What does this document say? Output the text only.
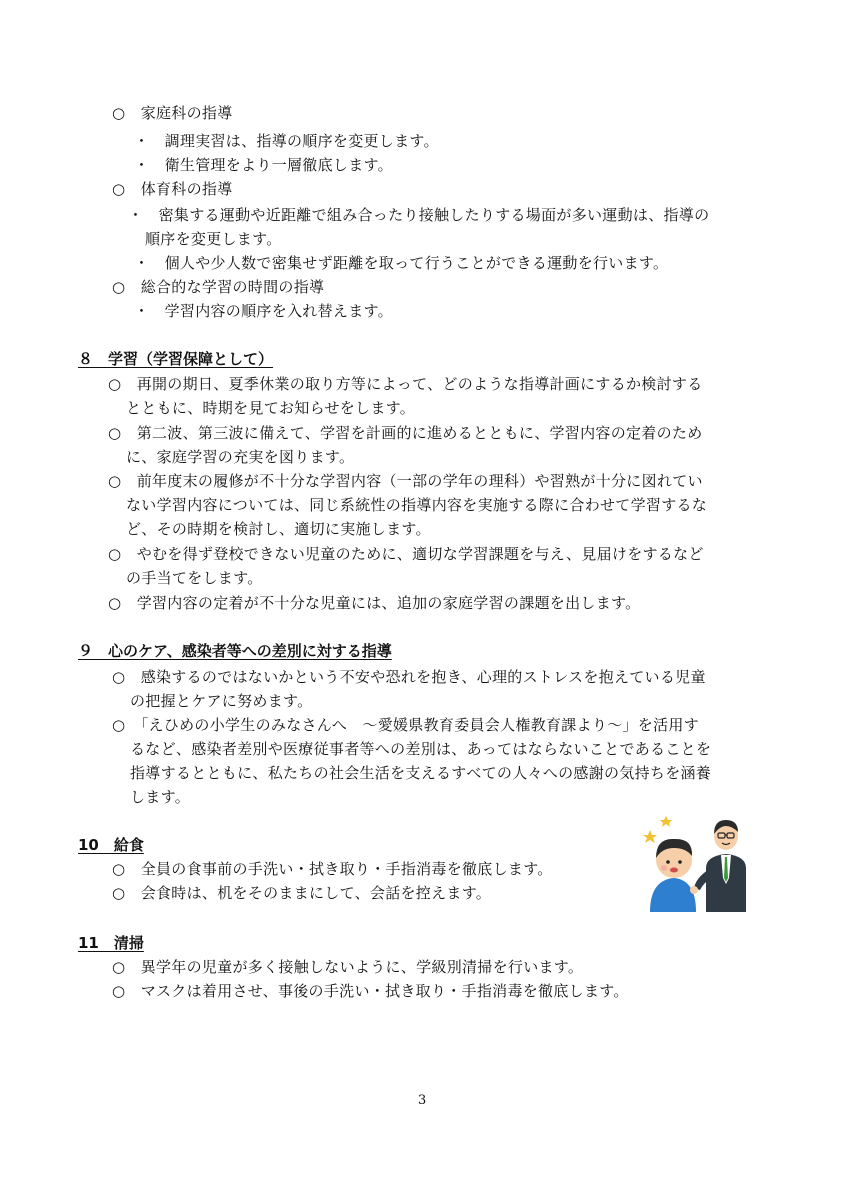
○　家庭科の指導
・　調理実習は、指導の順序を変更します。
・　衛生管理をより一層徹底します。
○　体育科の指導
・　密集する運動や近距離で組み合ったり接触したりする場面が多い運動は、指導の
順序を変更します。
・　個人や少人数で密集せず距離を取って行うことができる運動を行います。
○　総合的な学習の時間の指導
・　学習内容の順序を入れ替えます。
８　学習（学習保障として）
○　再開の期日、夏季休業の取り方等によって、どのような指導計画にするか検討する
とともに、時期を見てお知らせをします。
○　第二波、第三波に備えて、学習を計画的に進めるとともに、学習内容の定着のため
に、家庭学習の充実を図ります。
○　前年度末の履修が不十分な学習内容（一部の学年の理科）や習熟が十分に図れてい
ない学習内容については、同じ系統性の指導内容を実施する際に合わせて学習するな
ど、その時期を検討し、適切に実施します。
○　やむを得ず登校できない児童のために、適切な学習課題を与え、見届けをするなど
の手当てをします。
○　学習内容の定着が不十分な児童には、追加の家庭学習の課題を出します。
９　心のケア、感染者等への差別に対する指導
○　感染するのではないかという不安や恐れを抱き、心理的ストレスを抱えている児童
の把握とケアに努めます。
○　「えひめの小学生のみなさんへ　～愛媛県教育委員会人権教育課より～」を活用す
るなど、感染者差別や医療従事者等への差別は、あってはならないことであることを
指導するとともに、私たちの社会生活を支えるすべての人々への感謝の気持ちを涵養
します。
10　給食
○　全員の食事前の手洗い・拭き取り・手指消毒を徹底します。
○　会食時は、机をそのままにして、会話を控えます。
11　清掃
○　異学年の児童が多く接触しないように、学級別清掃を行います。
○　マスクは着用させ、事後の手洗い・拭き取り・手指消毒を徹底します。
3
